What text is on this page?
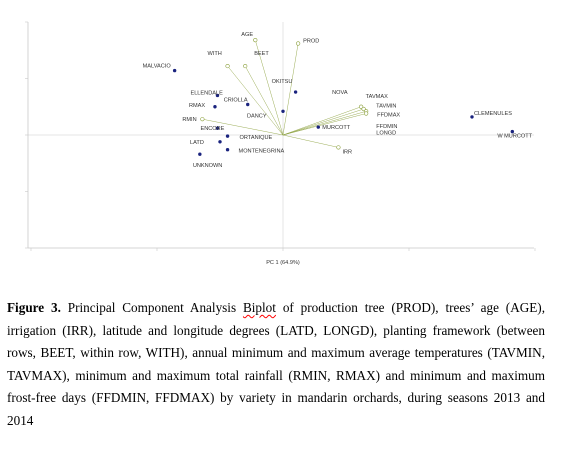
AGE
PROD
WITH	BEET
RMIN
IRR
NOVA
TAVMAX
TAVMIN
FFDMAX
FFDMIN
LONGD
MALVACIO
ELLENDALE
RMAX
CRIOLLA
DANCY
OKITSU
ENCORE
ORTANIQUE
LATD
MONTENEGRINA
UNKNOWN
MURCOTT
CLEMENULES
W MURCOTT
PC 1 (64.9%)
Figure 3. Principal Component Analysis Biplot of production tree (PROD), trees’ age (AGE), irrigation (IRR), latitude and longitude degrees (LATD, LONGD), planting framework (between rows, BEET, within row, WITH), annual minimum and maximum average temperatures (TAVMIN, TAVMAX), minimum and maximum total rainfall (RMIN, RMAX) and minimum and maximum frost-free days (FFDMIN, FFDMAX) by variety in mandarin orchards, during seasons 2013 and 2014
